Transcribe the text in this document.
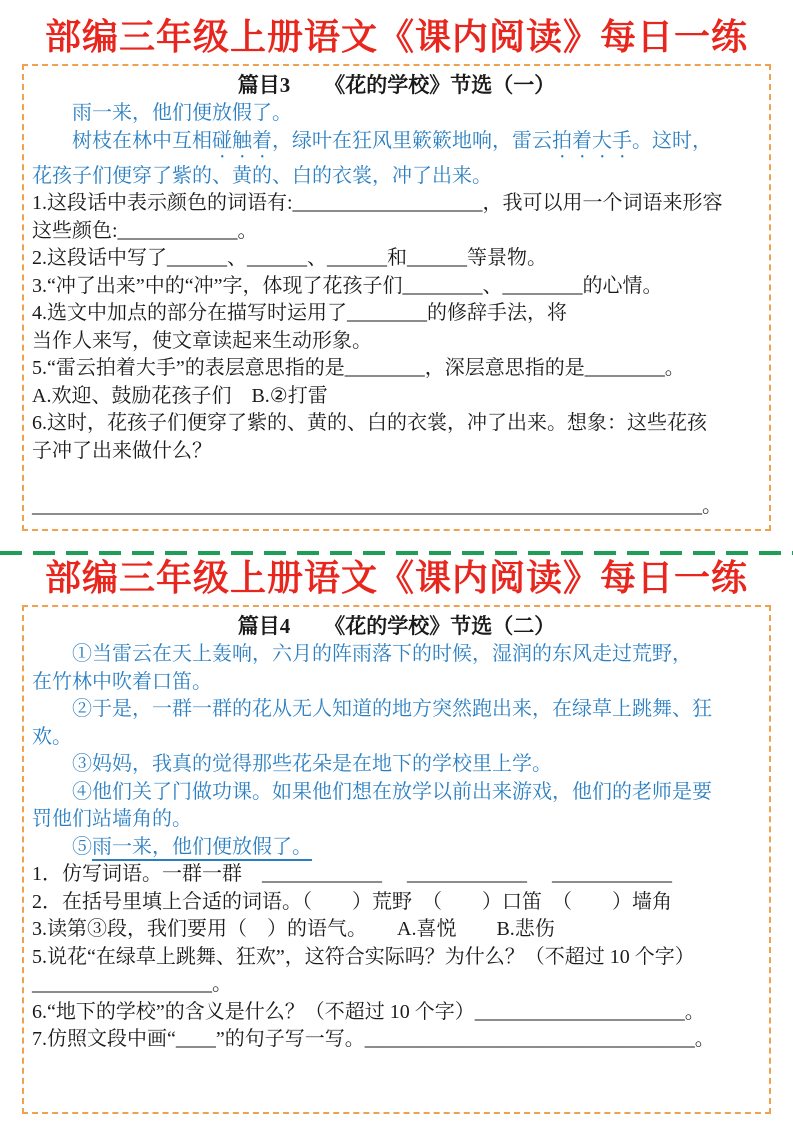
部编三年级上册语文《课内阅读》每日一练
篇目3 《花的学校》节选（一）
雨一来，他们便放假了。
树枝在林中互相碰触着，绿叶在狂风里簌簌地响，雷云拍着大手。这时，
花孩子们便穿了紫的、黄的、白的衣裳，冲了出来。
1.这段话中表示颜色的词语有:___________________，我可以用一个词语来形容
这些颜色:____________。
2.这段话中写了______、______、______和______等景物。
3.“冲了出来”中的“冲”字，体现了花孩子们________、________的心情。
4.选文中加点的部分在描写时运用了________的修辞手法，将
当作人来写，使文章读起来生动形象。
5.“雷云拍着大手”的表层意思指的是________，深层意思指的是________。
A.欢迎、鼓励花孩子们　B.②打雷
6.这时，花孩子们便穿了紫的、黄的、白的衣裳，冲了出来。想象：这些花孩
子冲了出来做什么？

___________________________________________________________________。
部编三年级上册语文《课内阅读》每日一练
篇目4 《花的学校》节选（二）
①当雷云在天上轰响，六月的阵雨落下的时候，湿润的东风走过荒野，
在竹林中吹着口笛。
②于是，一群一群的花从无人知道的地方突然跑出来，在绿草上跳舞、狂
欢。
③妈妈，我真的觉得那些花朵是在地下的学校里上学。
④他们关了门做功课。如果他们想在放学以前出来游戏，他们的老师是要
罚他们站墙角的。
⑤雨一来，他们便放假了。
1．仿写词语。一群一群　____________　 ____________　 ____________
2．在括号里填上合适的词语。（　　）荒野　（　　）口笛　（　　）墙角
3.读第③段，我们要用（　）的语气。　　A.喜悦　　B.悲伤
5.说花“在绿草上跳舞、狂欢”，这符合实际吗？为什么？（不超过 10 个字）
__________________。
6.“地下的学校”的含义是什么？（不超过 10 个字）_____________________。
7.仿照文段中画“____”的句子写一写。_________________________________。
